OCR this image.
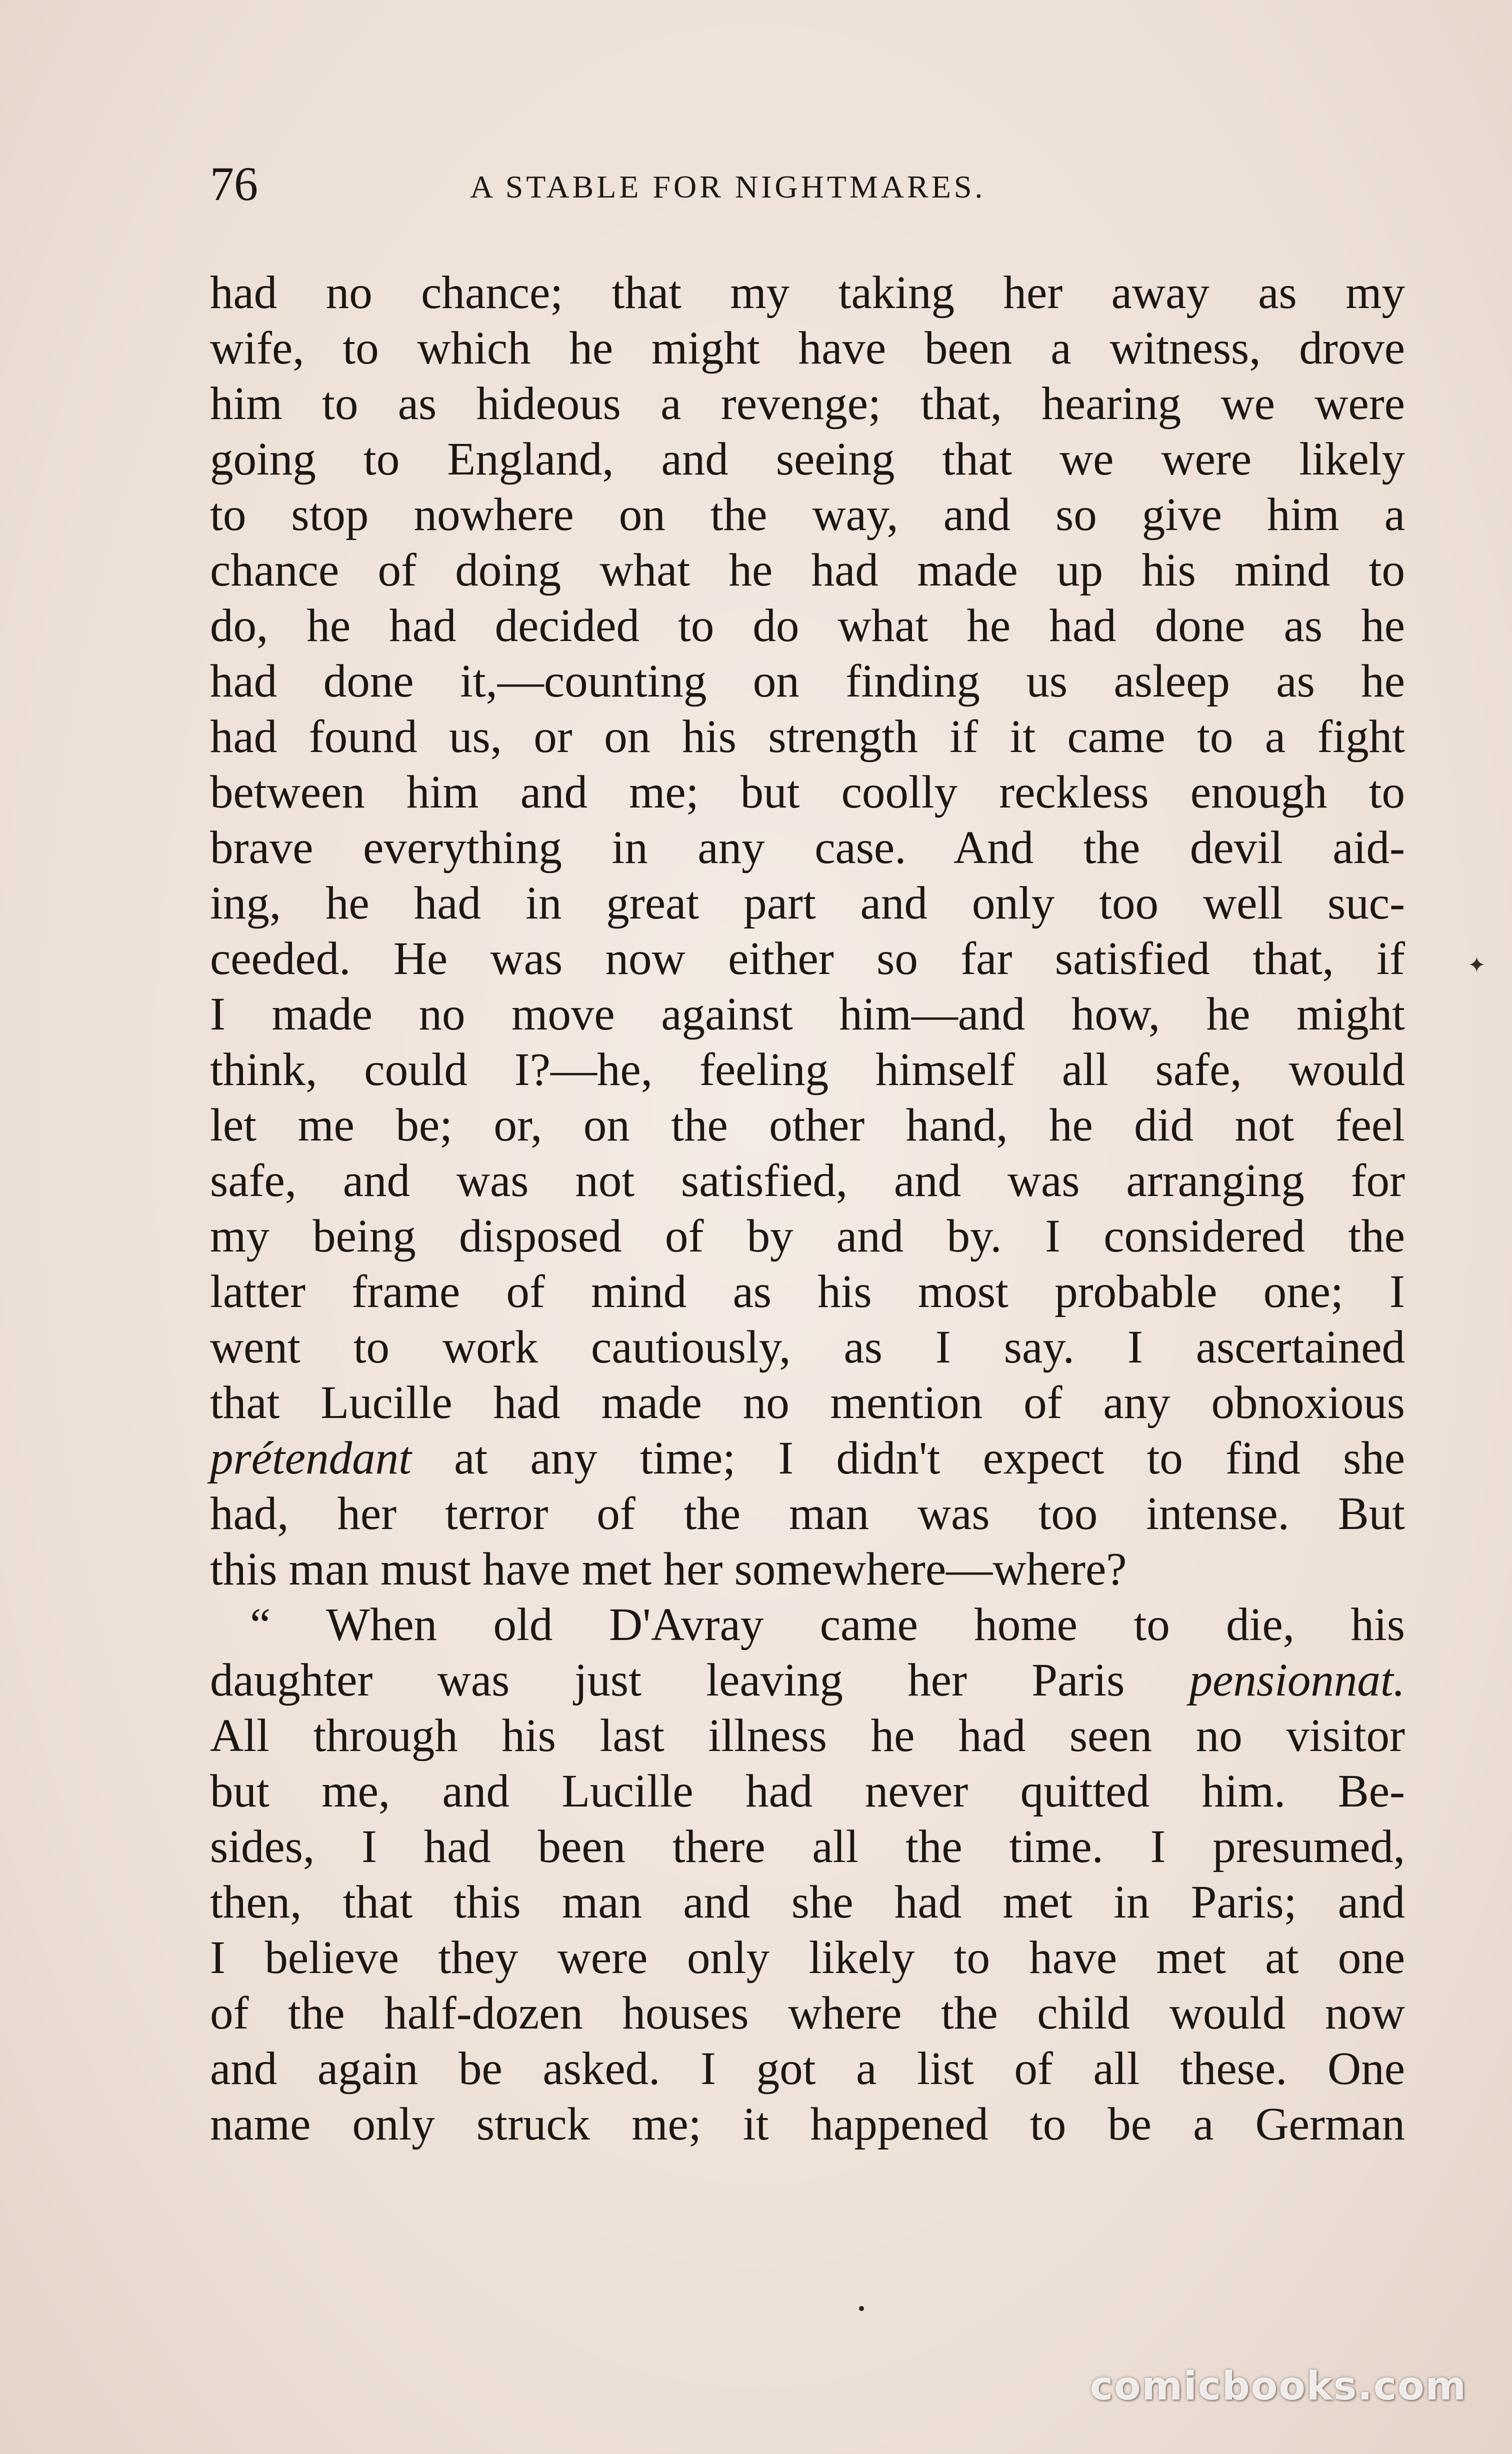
76	A STABLE FOR NIGHTMARES.
had no chance; that my taking her away as my
wife, to which he might have been a witness, drove
him to as hideous a revenge; that, hearing we were
going to England, and seeing that we were likely
to stop nowhere on the way, and so give him a
chance of doing what he had made up his mind to
do, he had decided to do what he had done as he
had done it,—counting on finding us asleep as he
had found us, or on his strength if it came to a fight
between him and me; but coolly reckless enough to
brave everything in any case. And the devil aid-
ing, he had in great part and only too well suc-
ceeded. He was now either so far satisfied that, if
I made no move against him—and how, he might
think, could I?—he, feeling himself all safe, would
let me be; or, on the other hand, he did not feel
safe, and was not satisfied, and was arranging for
my being disposed of by and by. I considered the
latter frame of mind as his most probable one; I
went to work cautiously, as I say. I ascertained
that Lucille had made no mention of any obnoxious
prétendant at any time; I didn't expect to find she
had, her terror of the man was too intense. But
this man must have met her somewhere—where?
“ When old D'Avray came home to die, his
daughter was just leaving her Paris pensionnat.
All through his last illness he had seen no visitor
but me, and Lucille had never quitted him. Be-
sides, I had been there all the time. I presumed,
then, that this man and she had met in Paris; and
I believe they were only likely to have met at one
of the half-dozen houses where the child would now
and again be asked. I got a list of all these. One
name only struck me; it happened to be a German
✦
comicbooks.com
